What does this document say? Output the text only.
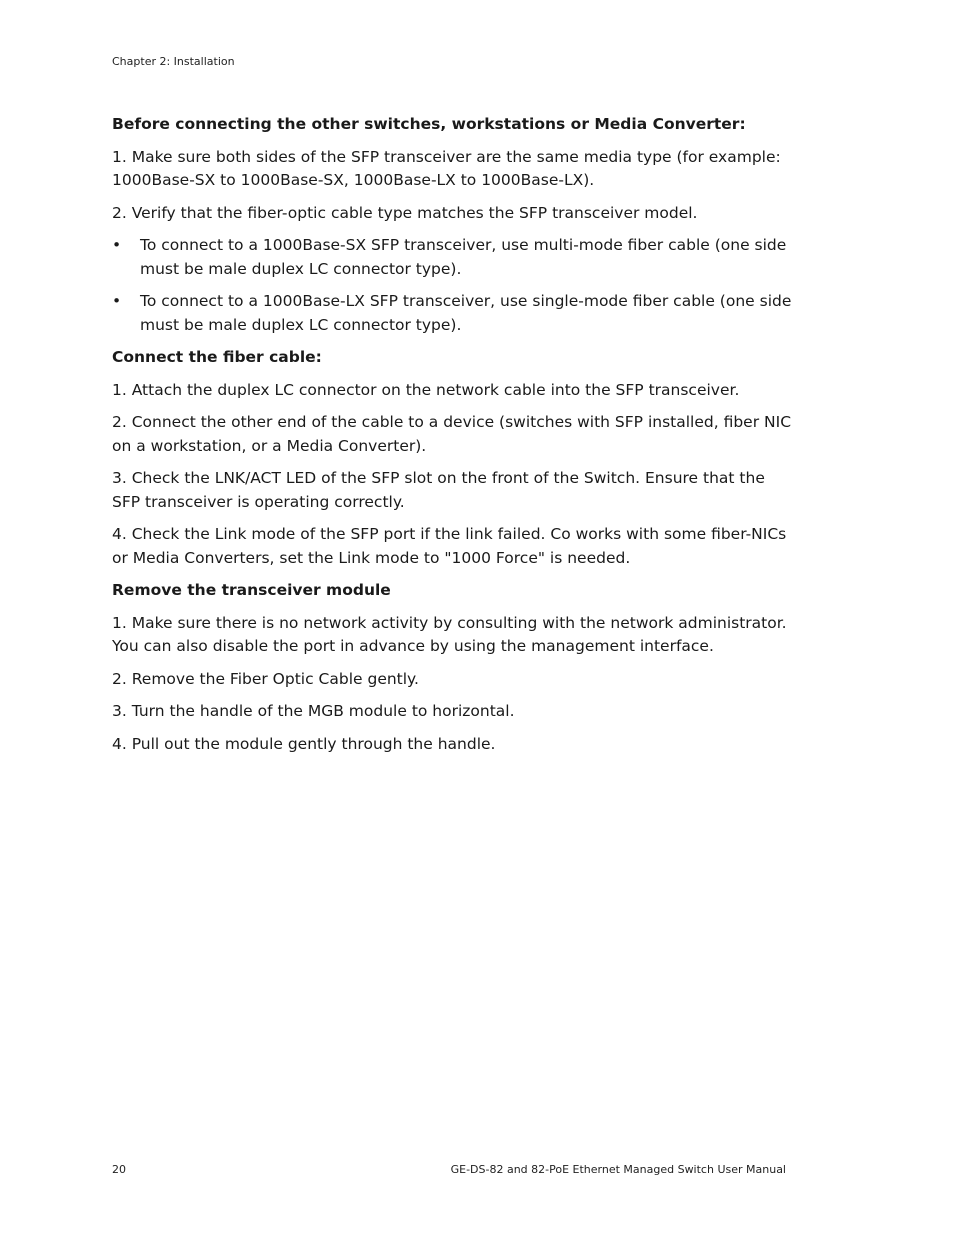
Chapter 2: Installation
Before connecting the other switches, workstations or Media Converter:

1. Make sure both sides of the SFP transceiver are the same media type (for example: 1000Base-SX to 1000Base-SX, 1000Base-LX to 1000Base-LX).

2. Verify that the fiber-optic cable type matches the SFP transceiver model.

• To connect to a 1000Base-SX SFP transceiver, use multi-mode fiber cable (one side must be male duplex LC connector type).
• To connect to a 1000Base-LX SFP transceiver, use single-mode fiber cable (one side must be male duplex LC connector type).
Connect the fiber cable:

1. Attach the duplex LC connector on the network cable into the SFP transceiver.

2. Connect the other end of the cable to a device (switches with SFP installed, fiber NIC on a workstation, or a Media Converter).

3. Check the LNK/ACT LED of the SFP slot on the front of the Switch. Ensure that the SFP transceiver is operating correctly.

4. Check the Link mode of the SFP port if the link failed. Co works with some fiber-NICs or Media Converters, set the Link mode to "1000 Force" is needed.

Remove the transceiver module

1. Make sure there is no network activity by consulting with the network administrator. You can also disable the port in advance by using the management interface.

2. Remove the Fiber Optic Cable gently.

3. Turn the handle of the MGB module to horizontal.

4. Pull out the module gently through the handle.

20	GE-DS-82 and 82-PoE Ethernet Managed Switch User Manual
